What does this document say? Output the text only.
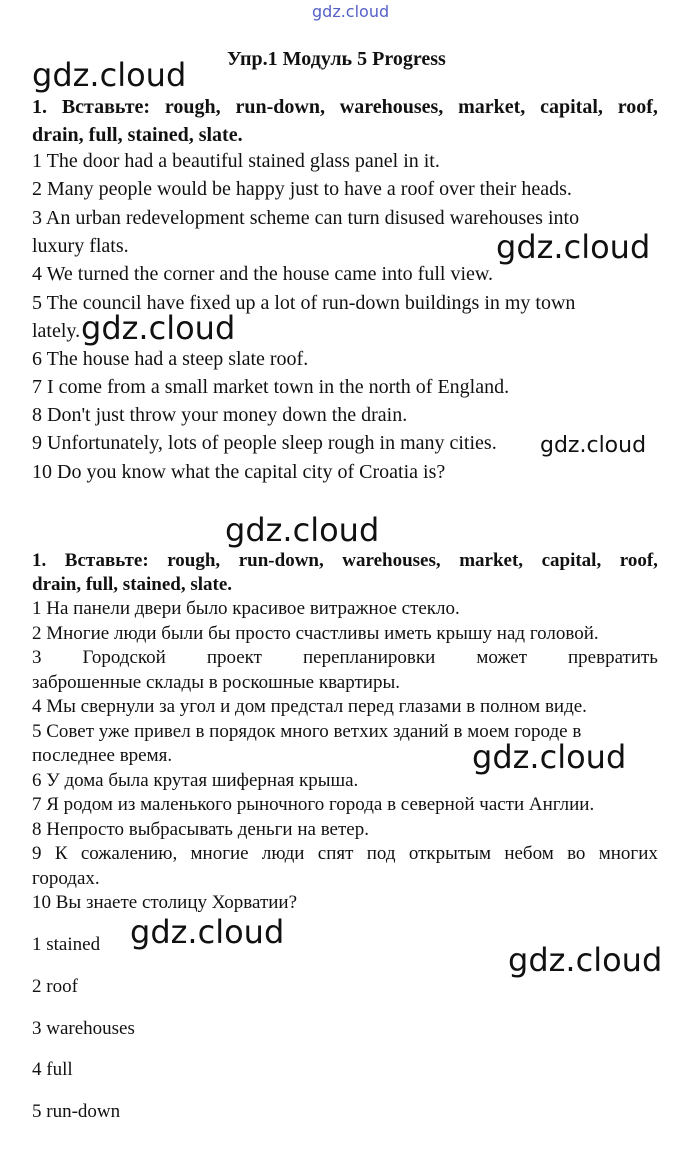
gdz.cloud
Упр.1 Модуль 5 Progress
gdz.cloud
gdz.cloud
gdz.cloud
gdz.cloud
gdz.cloud
gdz.cloud
gdz.cloud
gdz.cloud
1. Вставьте: rough, run-down, warehouses, market, capital, roof,
drain, full, stained, slate.
1 The door had a beautiful stained glass panel in it.
2 Many people would be happy just to have a roof over their heads.
3 An urban redevelopment scheme can turn disused warehouses into
luxury flats.
4 We turned the corner and the house came into full view.
5 The council have fixed up a lot of run-down buildings in my town
lately.
6 The house had a steep slate roof.
7 I come from a small market town in the north of England.
8 Don't just throw your money down the drain.
9 Unfortunately, lots of people sleep rough in many cities.
10 Do you know what the capital city of Croatia is?
1. Вставьте: rough, run-down, warehouses, market, capital, roof,
drain, full, stained, slate.
1 На панели двери было красивое витражное стекло.
2 Многие люди были бы просто счастливы иметь крышу над головой.
3 Городской проект перепланировки может превратить
заброшенные склады в роскошные квартиры.
4 Мы свернули за угол и дом предстал перед глазами в полном виде.
5 Совет уже привел в порядок много ветхих зданий в моем городе в
последнее время.
6 У дома была крутая шиферная крыша.
7 Я родом из маленького рыночного города в северной части Англии.
8 Непросто выбрасывать деньги на ветер.
9 К сожалению, многие люди спят под открытым небом во многих
городах.
10 Вы знаете столицу Хорватии?
1 stained
2 roof
3 warehouses
4 full
5 run-down
